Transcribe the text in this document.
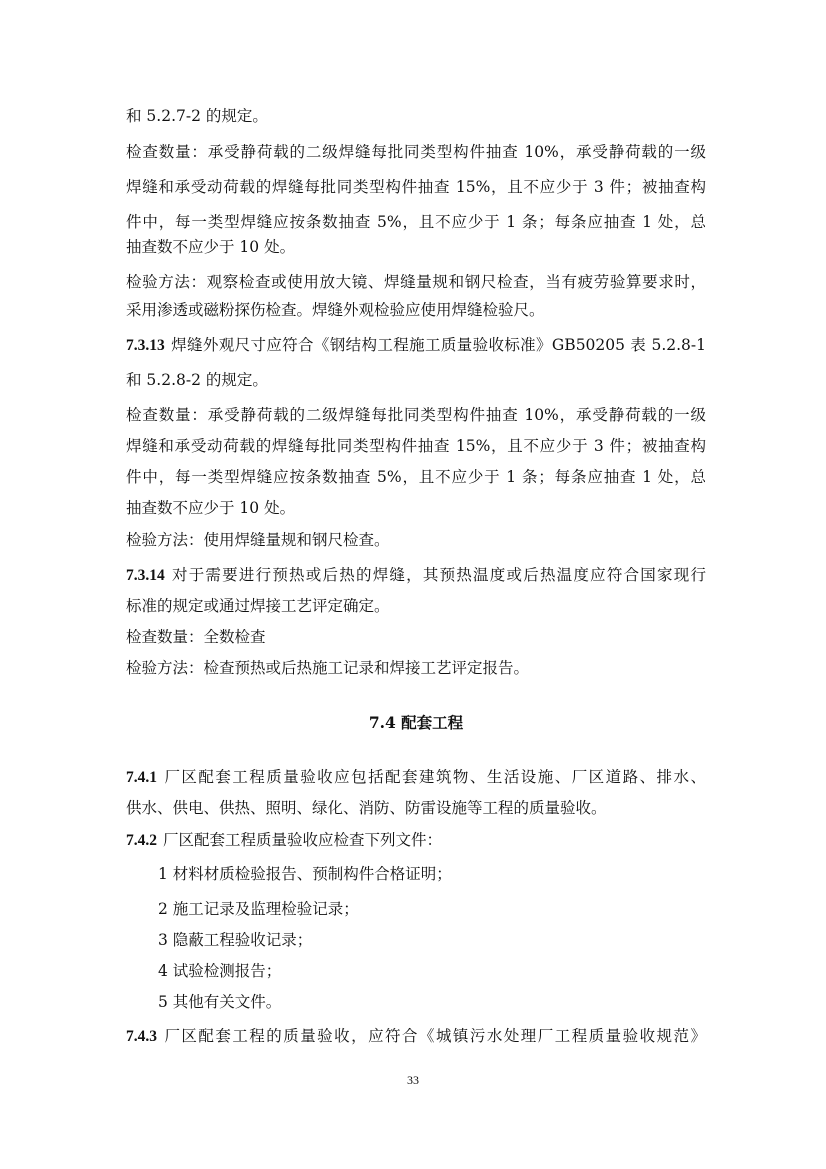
和 5.2.7-2 的规定。
检查数量：承受静荷载的二级焊缝每批同类型构件抽查 10%，承受静荷载的一级
焊缝和承受动荷载的焊缝每批同类型构件抽查 15%，且不应少于 3 件；被抽查构
件中，每一类型焊缝应按条数抽查 5%，且不应少于 1 条；每条应抽查 1 处，总
抽查数不应少于 10 处。
检验方法：观察检查或使用放大镜、焊缝量规和钢尺检查，当有疲劳验算要求时，
采用渗透或磁粉探伤检查。焊缝外观检验应使用焊缝检验尺。
7.3.13 焊缝外观尺寸应符合《钢结构工程施工质量验收标准》GB50205 表 5.2.8-1
和 5.2.8-2 的规定。
检查数量：承受静荷载的二级焊缝每批同类型构件抽查 10%，承受静荷载的一级
焊缝和承受动荷载的焊缝每批同类型构件抽查 15%，且不应少于 3 件；被抽查构
件中，每一类型焊缝应按条数抽查 5%，且不应少于 1 条；每条应抽查 1 处，总
抽查数不应少于 10 处。
检验方法：使用焊缝量规和钢尺检查。
7.3.14 对于需要进行预热或后热的焊缝，其预热温度或后热温度应符合国家现行
标准的规定或通过焊接工艺评定确定。
检查数量：全数检查
检验方法：检查预热或后热施工记录和焊接工艺评定报告。
7.4 配套工程
7.4.1 厂区配套工程质量验收应包括配套建筑物、生活设施、厂区道路、排水、
供水、供电、供热、照明、绿化、消防、防雷设施等工程的质量验收。
7.4.2 厂区配套工程质量验收应检查下列文件：
1 材料材质检验报告、预制构件合格证明；
2 施工记录及监理检验记录；
3 隐蔽工程验收记录；
4 试验检测报告；
5 其他有关文件。
7.4.3 厂区配套工程的质量验收，应符合《城镇污水处理厂工程质量验收规范》
33
